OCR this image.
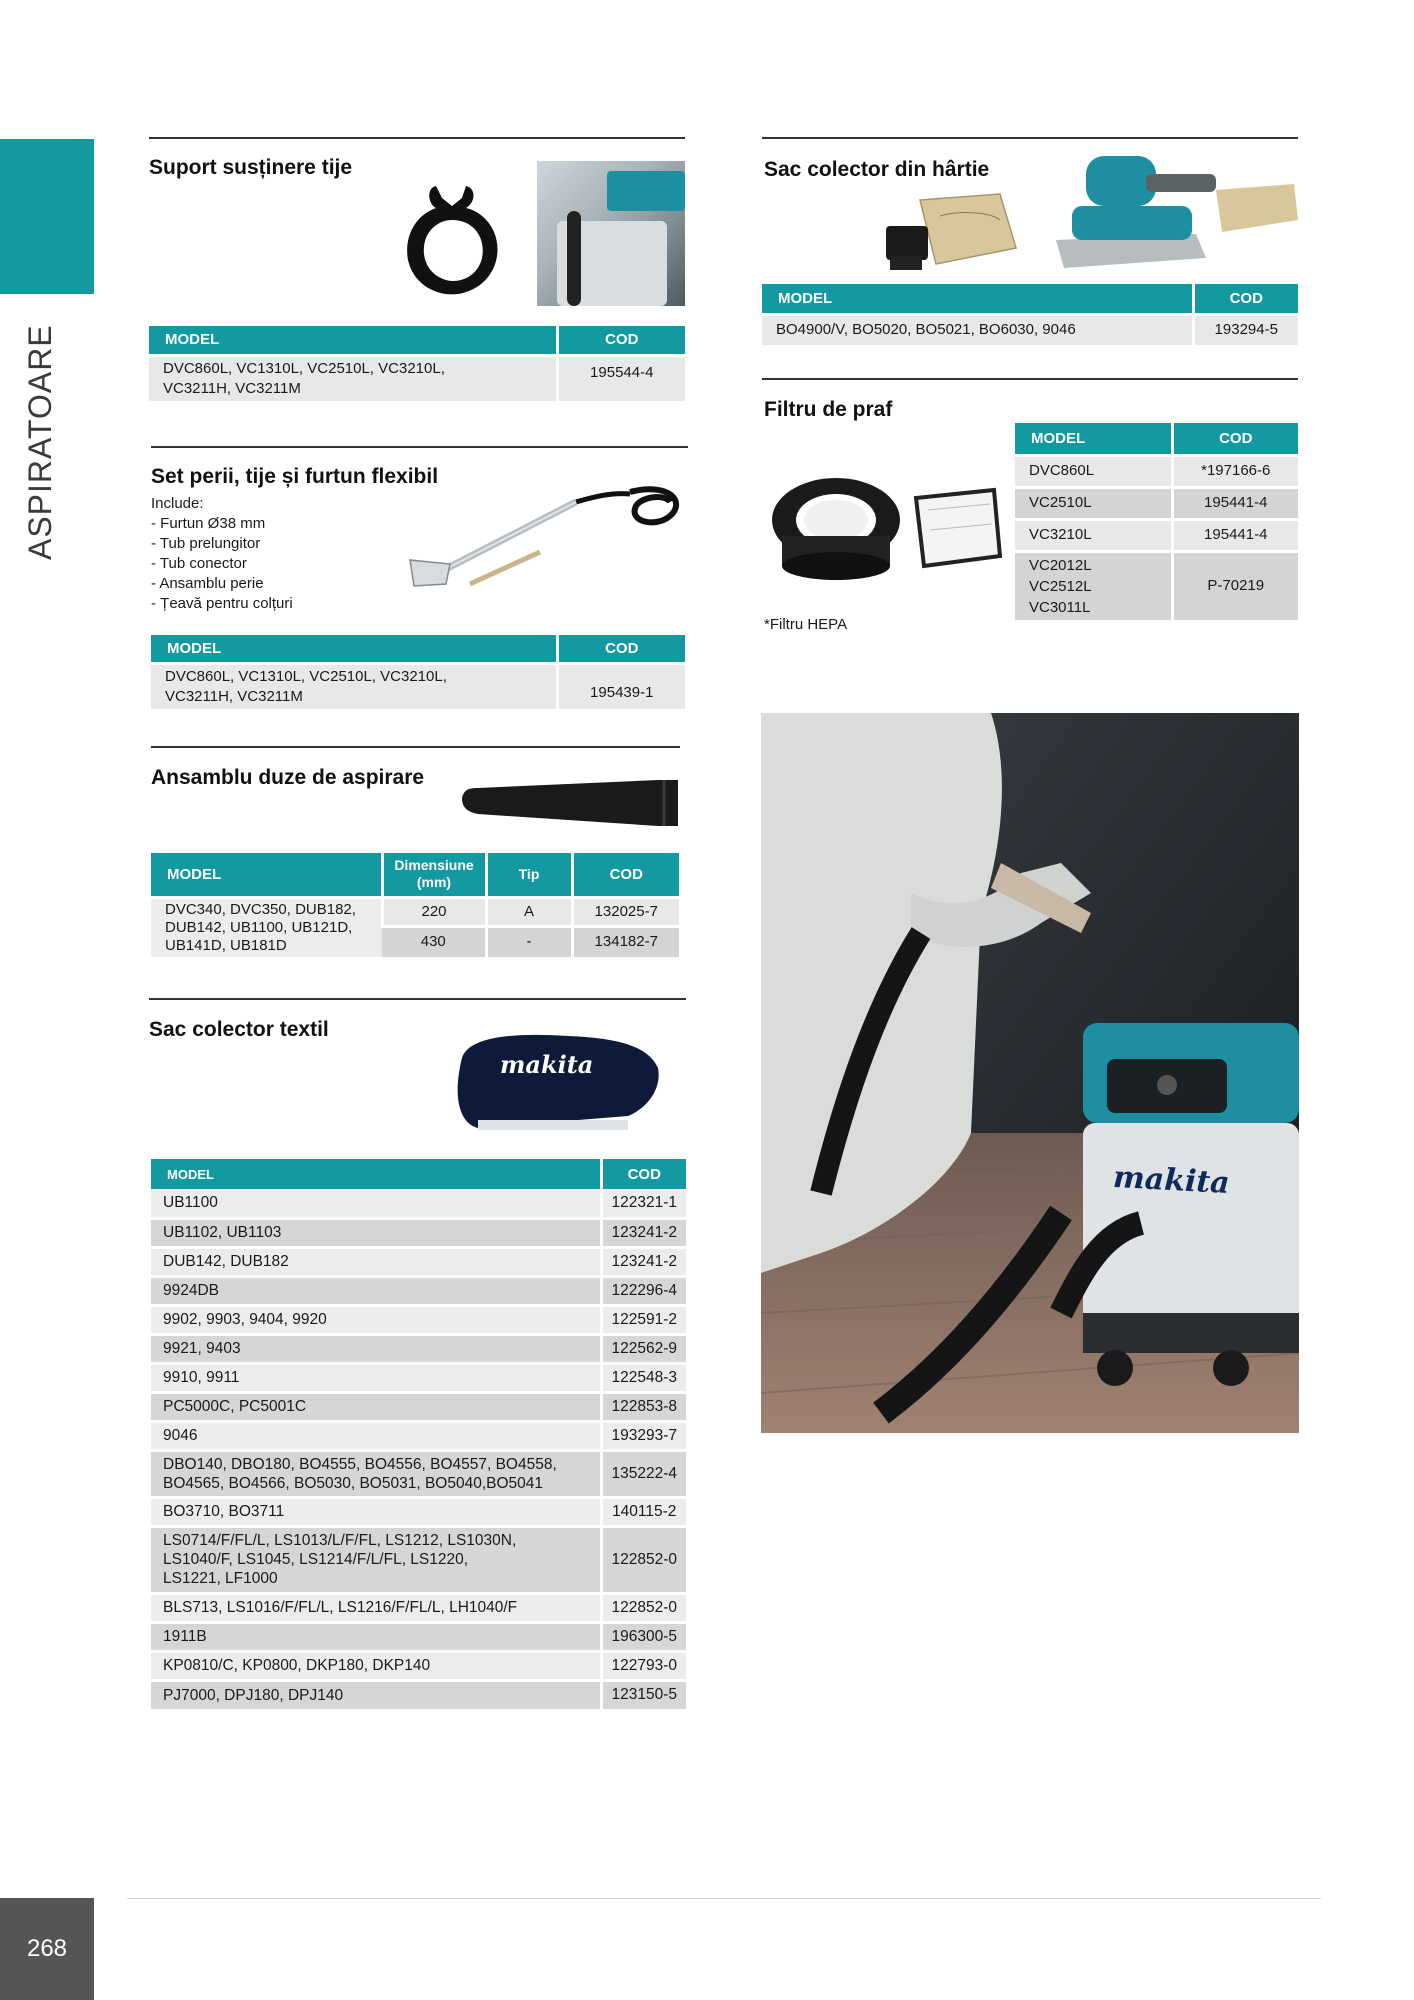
ASPIRATOARE
Suport susținere tije
MODEL	COD
DVC860L, VC1310L, VC2510L, VC3210L,
VC3211H, VC3211M	195544-4
Set perii, tije și furtun flexibil
Include:
- Furtun Ø38 mm
- Tub prelungitor
- Tub conector
- Ansamblu perie
- Țeavă pentru colțuri
MODEL	COD
DVC860L, VC1310L, VC2510L, VC3210L,
VC3211H, VC3211M	195439-1
Ansamblu duze de aspirare
MODEL	Dimensiune (mm)	Tip	COD
DVC340, DVC350, DUB182,
DUB142, UB1100, UB121D,
UB141D, UB181D	220	A	132025-7
	430	-	134182-7
Sac colector textil
makita
MODEL	COD
UB1100	122321-1
UB1102, UB1103	123241-2
DUB142, DUB182	123241-2
9924DB	122296-4
9902, 9903, 9404, 9920	122591-2
9921, 9403	122562-9
9910, 9911	122548-3
PC5000C, PC5001C	122853-8
9046	193293-7
DBO140, DBO180, BO4555, BO4556, BO4557, BO4558,
BO4565, BO4566, BO5030, BO5031, BO5040,BO5041	135222-4
BO3710, BO3711	140115-2
LS0714/F/FL/L, LS1013/L/F/FL, LS1212, LS1030N,
LS1040/F, LS1045, LS1214/F/L/FL, LS1220,
LS1221, LF1000	122852-0
BLS713, LS1016/F/FL/L, LS1216/F/FL/L, LH1040/F	122852-0
1911B	196300-5
KP0810/C, KP0800, DKP180, DKP140	122793-0
PJ7000, DPJ180, DPJ140	123150-5
Sac colector din hârtie
MODEL	COD
BO4900/V, BO5020, BO5021, BO6030, 9046	193294-5
Filtru de praf
*Filtru HEPA
MODEL	COD
DVC860L	*197166-6
VC2510L	195441-4
VC3210L	195441-4
VC2012L
VC2512L
VC3011L	P-70219
makita
268
